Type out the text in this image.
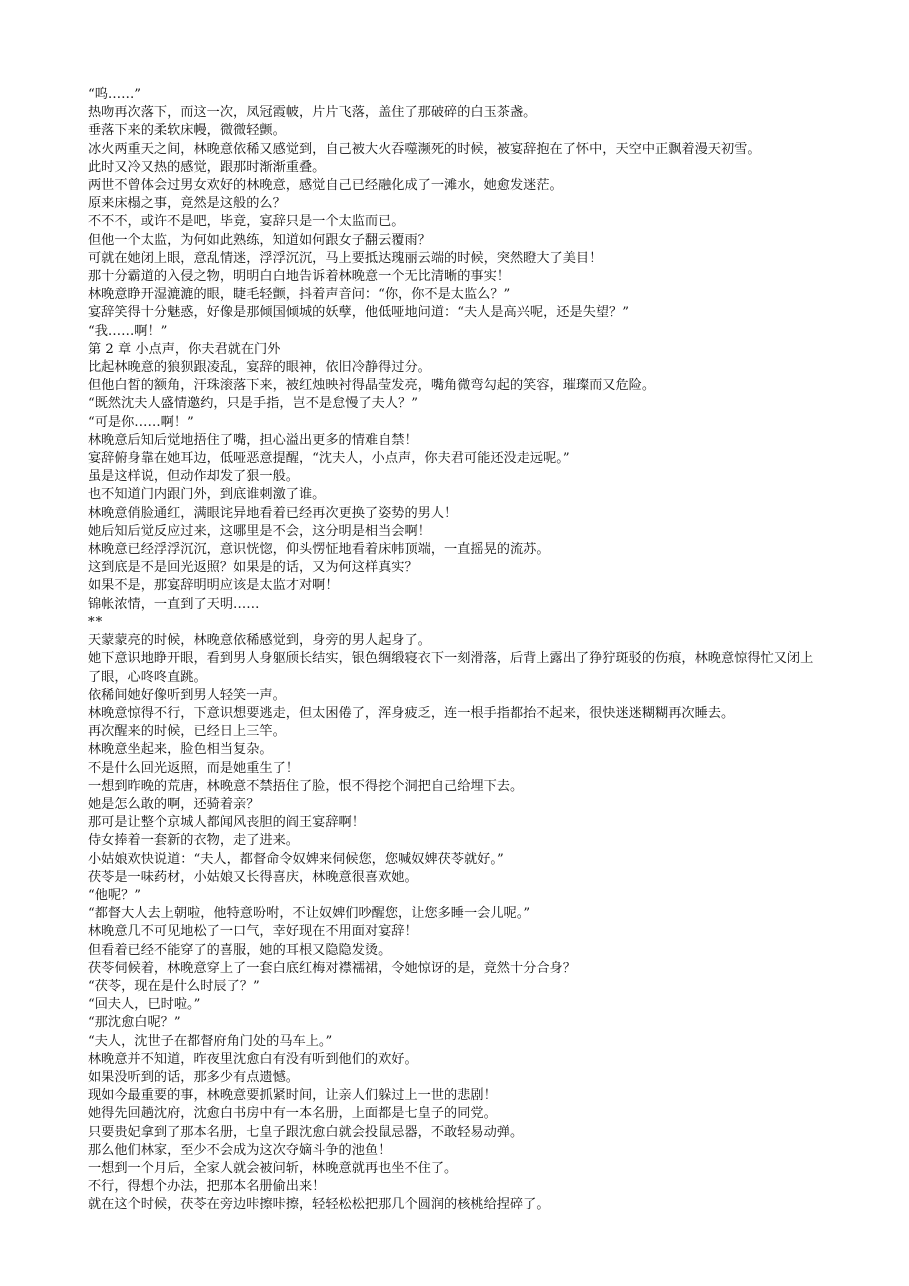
“呜……”

热吻再次落下，而这一次，凤冠霞帔，片片飞落，盖住了那破碎的白玉茶盏。

垂落下来的柔软床幔，微微轻颤。

冰火两重天之间，林晚意依稀又感觉到，自己被大火吞噬濒死的时候，被宴辞抱在了怀中，天空中正飘着漫天初雪。

此时又冷又热的感觉，跟那时渐渐重叠。

两世不曾体会过男女欢好的林晚意，感觉自己已经融化成了一滩水，她愈发迷茫。

原来床榻之事，竟然是这般的么？

不不不，或许不是吧，毕竟，宴辞只是一个太监而已。

但他一个太监，为何如此熟练，知道如何跟女子翻云覆雨？

可就在她闭上眼，意乱情迷，浮浮沉沉，马上要抵达瑰丽云端的时候，突然瞪大了美目！

那十分霸道的入侵之物，明明白白地告诉着林晚意一个无比清晰的事实！

林晚意睁开湿漉漉的眼，睫毛轻颤，抖着声音问：“你，你不是太监么？”

宴辞笑得十分魅惑，好像是那倾国倾城的妖孽，他低哑地问道：“夫人是高兴呢，还是失望？”

“我……啊！”

第 2 章 小点声，你夫君就在门外

比起林晚意的狼狈跟凌乱，宴辞的眼神，依旧冷静得过分。

但他白皙的额角，汗珠滚落下来，被红烛映衬得晶莹发亮，嘴角微弯勾起的笑容，璀璨而又危险。

“既然沈夫人盛情邀约，只是手指，岂不是怠慢了夫人？”

“可是你……啊！”

林晚意后知后觉地捂住了嘴，担心溢出更多的情难自禁！

宴辞俯身靠在她耳边，低哑恶意提醒，“沈夫人，小点声，你夫君可能还没走远呢。”

虽是这样说，但动作却发了狠一般。

也不知道门内跟门外，到底谁刺激了谁。

林晚意俏脸通红，满眼诧异地看着已经再次更换了姿势的男人！

她后知后觉反应过来，这哪里是不会，这分明是相当会啊！

林晚意已经浮浮沉沉，意识恍惚，仰头愣怔地看着床帏顶端，一直摇晃的流苏。

这到底是不是回光返照？如果是的话，又为何这样真实？

如果不是，那宴辞明明应该是太监才对啊！

锦帐浓情，一直到了天明……

**

天蒙蒙亮的时候，林晚意依稀感觉到，身旁的男人起身了。

她下意识地睁开眼，看到男人身躯颀长结实，银色绸缎寝衣下一刻滑落，后背上露出了狰狞斑驳的伤痕，林晚意惊得忙又闭上了眼，心咚咚直跳。

依稀间她好像听到男人轻笑一声。

林晚意惊得不行，下意识想要逃走，但太困倦了，浑身疲乏，连一根手指都抬不起来，很快迷迷糊糊再次睡去。

再次醒来的时候，已经日上三竿。

林晚意坐起来，脸色相当复杂。

不是什么回光返照，而是她重生了！

一想到昨晚的荒唐，林晚意不禁捂住了脸，恨不得挖个洞把自己给埋下去。

她是怎么敢的啊，还骑着亲？

那可是让整个京城人都闻风丧胆的阎王宴辞啊！

侍女捧着一套新的衣物，走了进来。

小姑娘欢快说道：“夫人，都督命令奴婢来伺候您，您喊奴婢茯苓就好。”

茯苓是一味药材，小姑娘又长得喜庆，林晚意很喜欢她。

“他呢？”

“都督大人去上朝啦，他特意吩咐，不让奴婢们吵醒您，让您多睡一会儿呢。”

林晚意几不可见地松了一口气，幸好现在不用面对宴辞！

但看着已经不能穿了的喜服，她的耳根又隐隐发烫。

茯苓伺候着，林晚意穿上了一套白底红梅对襟襦裙，令她惊讶的是，竟然十分合身？

“茯苓，现在是什么时辰了？”

“回夫人，巳时啦。”

“那沈愈白呢？”

“夫人，沈世子在都督府角门处的马车上。”

林晚意并不知道，昨夜里沈愈白有没有听到他们的欢好。

如果没听到的话，那多少有点遗憾。

现如今最重要的事，林晚意要抓紧时间，让亲人们躲过上一世的悲剧！

她得先回趟沈府，沈愈白书房中有一本名册，上面都是七皇子的同党。

只要贵妃拿到了那本名册，七皇子跟沈愈白就会投鼠忌器，不敢轻易动弹。

那么他们林家，至少不会成为这次夺嫡斗争的池鱼！

一想到一个月后，全家人就会被问斩，林晚意就再也坐不住了。

不行，得想个办法，把那本名册偷出来！

就在这个时候，茯苓在旁边咔擦咔擦，轻轻松松把那几个圆润的核桃给捏碎了。
